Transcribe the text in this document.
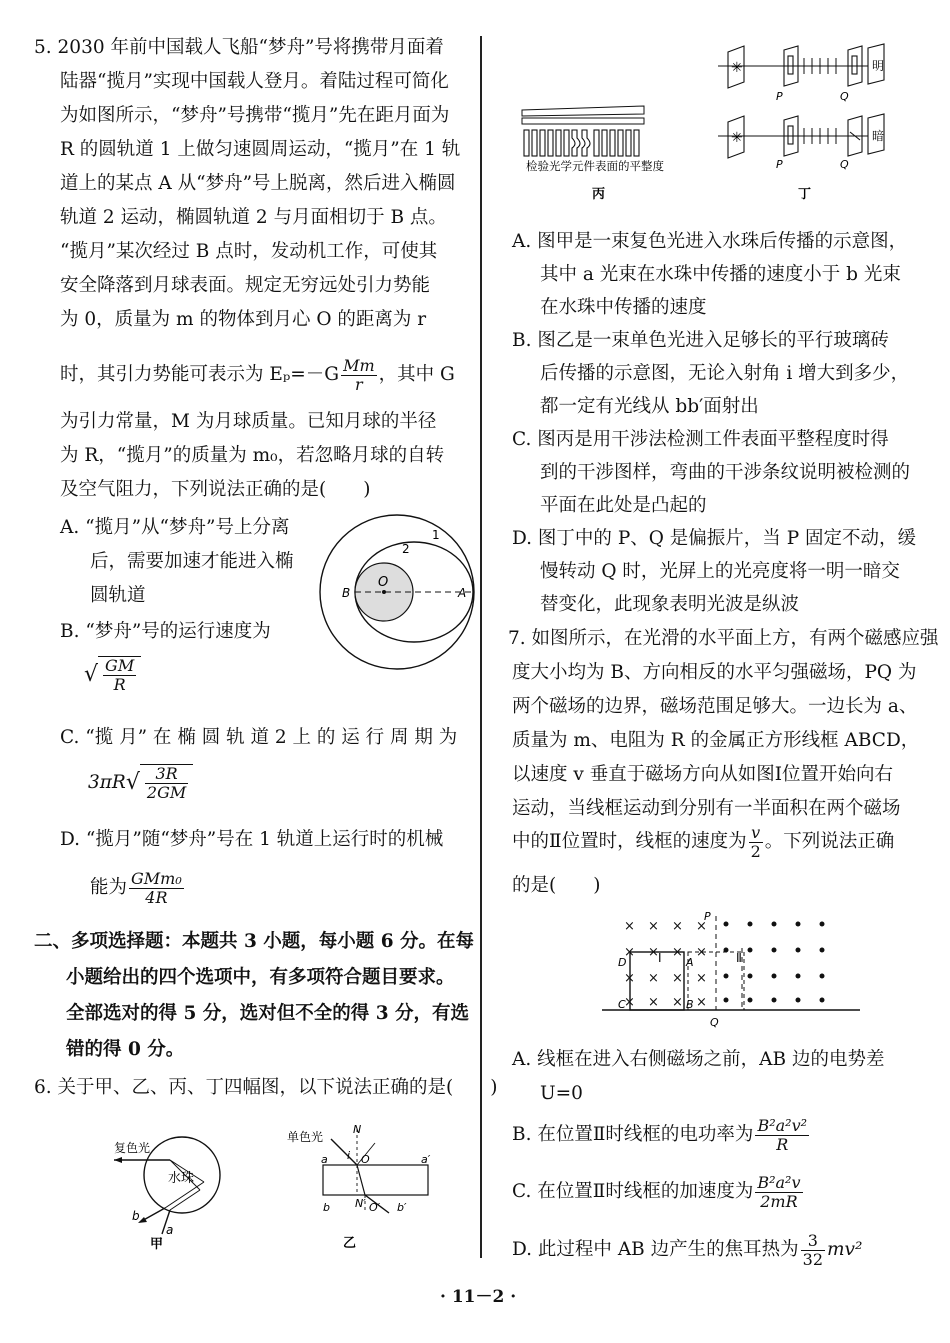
5. 2030 年前中国载人飞船“梦舟”号将携带月面着
陆器“揽月”实现中国载人登月。着陆过程可简化
为如图所示，“梦舟”号携带“揽月”先在距月面为
R 的圆轨道 1 上做匀速圆周运动，“揽月”在 1 轨
道上的某点 A 从“梦舟”号上脱离，然后进入椭圆
轨道 2 运动，椭圆轨道 2 与月面相切于 B 点。
“揽月”某次经过 B 点时，发动机工作，可使其
安全降落到月球表面。规定无穷远处引力势能
为 0，质量为 m 的物体到月心 O 的距离为 r
时，其引力势能可表示为 $E_p=-G \frac{Mm}{r}$ ，其中 G
为引力常量，M 为月球质量。已知月球的半径
为 R，“揽月”的质量为 m₀，若忽略月球的自转
及空气阻力，下列说法正确的是(　　)
A. “揽月”从“梦舟”号上分离
后，需要加速才能进入椭
圆轨道
B. “梦舟”号的运行速度为
√ $\frac{GM}{R}$
C. “揽 月” 在 椭 圆 轨 道 2 上 的 运 行 周 期 为
$3\pi R√ \frac{3R}{2GM}$
D. “揽月”随“梦舟”号在 1 轨道上运行时的机械
能为 $\frac{\text{GMm₀}}{4R}$
O
B	A
2
1
二、多项选择题：本题共 3 小题，每小题 6 分。在每
小题给出的四个选项中，有多项符合题目要求。
全部选对的得 5 分，选对但不全的得 3 分，有选
错的得 0 分。
6. 关于甲、乙、丙、丁四幅图，以下说法正确的是(　　)
复色光
水珠
b
a
甲
单色光
N
i O
a	a′
N′
b	O′ b′
乙
检验光学元件表面的平整度
丙
✳
✳
明
暗
P	Q
P	Q
丁
A. 图甲是一束复色光进入水珠后传播的示意图，
其中 a 光束在水珠中传播的速度小于 b 光束
在水珠中传播的速度
B. 图乙是一束单色光进入足够长的平行玻璃砖
后传播的示意图，无论入射角 i 增大到多少，
都一定有光线从 bb′面射出
C. 图丙是用干涉法检测工件表面平整程度时得
到的干涉图样，弯曲的干涉条纹说明被检测的
平面在此处是凸起的
D. 图丁中的 P、Q 是偏振片，当 P 固定不动，缓
慢转动 Q 时，光屏上的光亮度将一明一暗交
替变化，此现象表明光波是纵波
7. 如图所示，在光滑的水平面上方，有两个磁感应强
度大小均为 B、方向相反的水平匀强磁场，PQ 为
两个磁场的边界，磁场范围足够大。一边长为 a、
质量为 m、电阻为 R 的金属正方形线框 ABCD，
以速度 v 垂直于磁场方向从如图Ⅰ位置开始向右
运动，当线框运动到分别有一半面积在两个磁场
中的Ⅱ位置时，线框的速度为 $\frac{v}{2}$ 。下列说法正确
的是(　　)
× × × ×
× × × ×
× × × ×
× × × ×
P
Q
Ⅰ	Ⅱ
D	A
C	B
A. 线框在进入右侧磁场之前，AB 边的电势差
U=0
B. 在位置Ⅱ时线框的电功率为 $\frac{\text{B²a²v²}}{R}$
C. 在位置Ⅱ时线框的加速度为 $\frac{\text{B²a²v}}{2mR}$
D. 此过程中 AB 边产生的焦耳热为 $\frac{3}{32} mv^2$
· 11－2 ·
